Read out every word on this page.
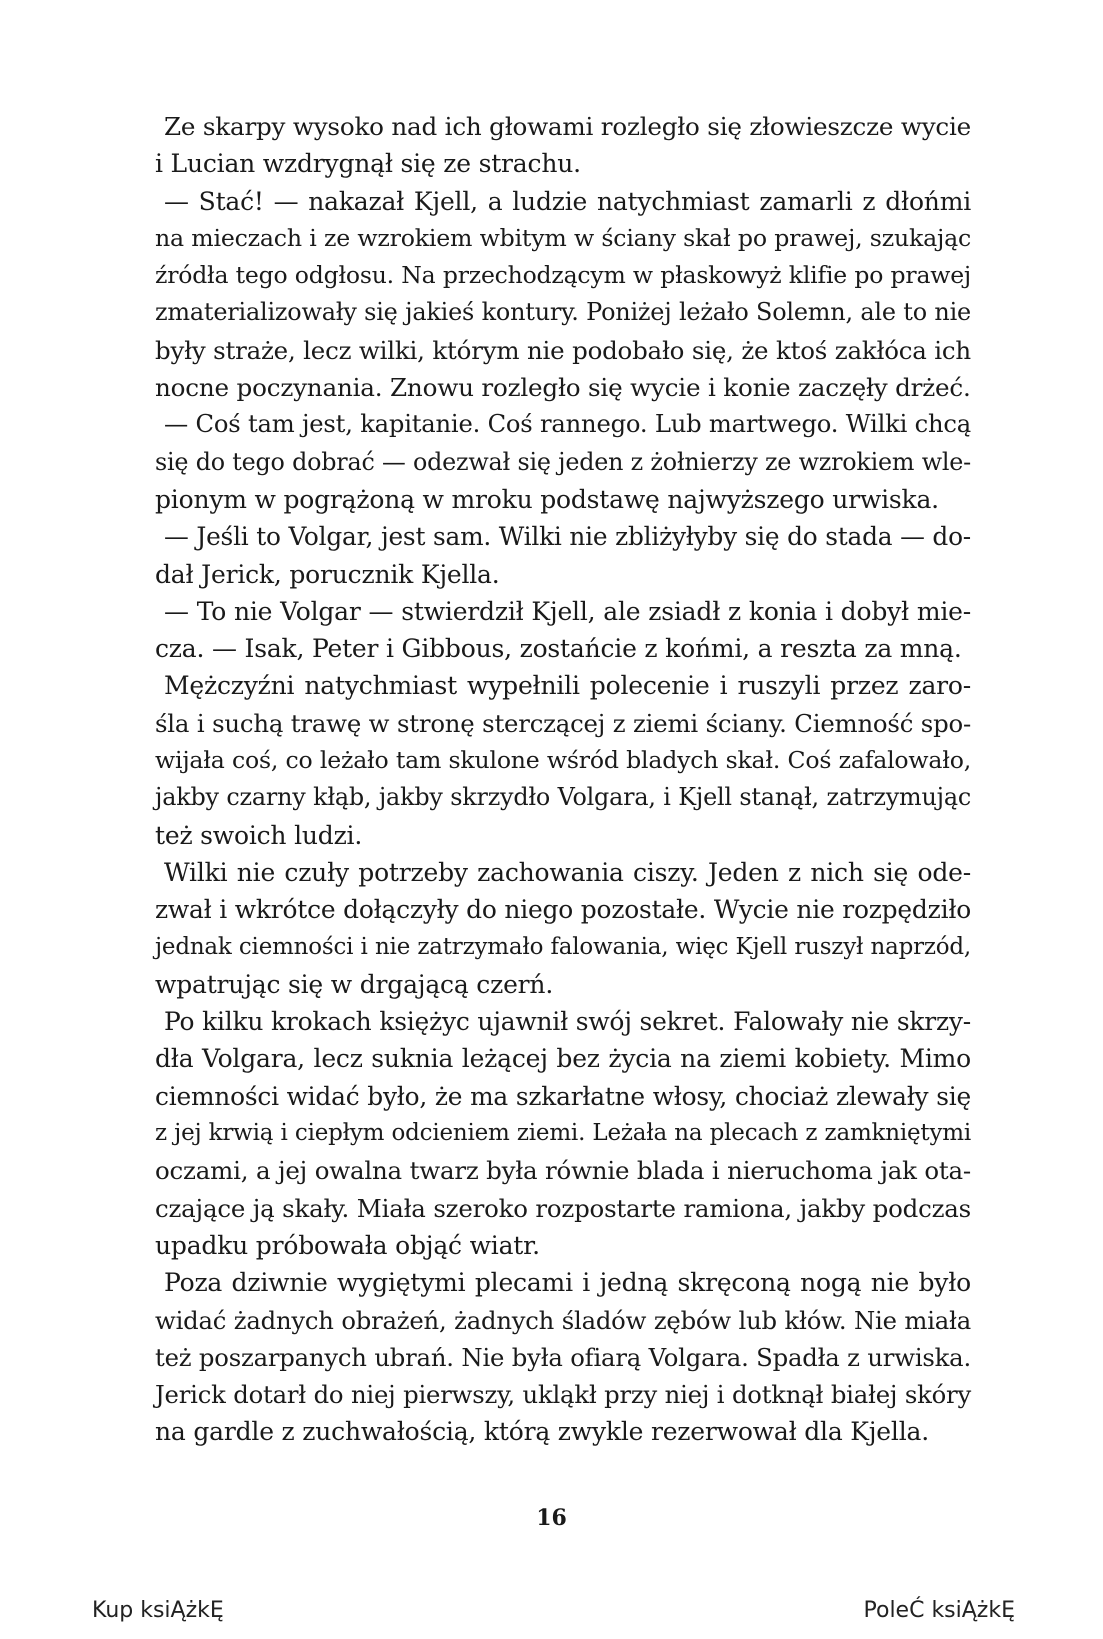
Ze skarpy wysoko nad ich głowami rozległo się złowieszcze wycie
i Lucian wzdrygnął się ze strachu.
— Stać! — nakazał Kjell, a ludzie natychmiast zamarli z dłońmi
na mieczach i ze wzrokiem wbitym w ściany skał po prawej, szukając
źródła tego odgłosu. Na przechodzącym w płaskowyż klifie po prawej
zmaterializowały się jakieś kontury. Poniżej leżało Solemn, ale to nie
były straże, lecz wilki, którym nie podobało się, że ktoś zakłóca ich
nocne poczynania. Znowu rozległo się wycie i konie zaczęły drżeć.
— Coś tam jest, kapitanie. Coś rannego. Lub martwego. Wilki chcą
się do tego dobrać — odezwał się jeden z żołnierzy ze wzrokiem wle-
pionym w pogrążoną w mroku podstawę najwyższego urwiska.
— Jeśli to Volgar, jest sam. Wilki nie zbliżyłyby się do stada — do-
dał Jerick, porucznik Kjella.
— To nie Volgar — stwierdził Kjell, ale zsiadł z konia i dobył mie-
cza. — Isak, Peter i Gibbous, zostańcie z końmi, a reszta za mną.
Mężczyźni natychmiast wypełnili polecenie i ruszyli przez zaro-
śla i suchą trawę w stronę sterczącej z ziemi ściany. Ciemność spo-
wijała coś, co leżało tam skulone wśród bladych skał. Coś zafalowało,
jakby czarny kłąb, jakby skrzydło Volgara, i Kjell stanął, zatrzymując
też swoich ludzi.
Wilki nie czuły potrzeby zachowania ciszy. Jeden z nich się ode-
zwał i wkrótce dołączyły do niego pozostałe. Wycie nie rozpędziło
jednak ciemności i nie zatrzymało falowania, więc Kjell ruszył naprzód,
wpatrując się w drgającą czerń.
Po kilku krokach księżyc ujawnił swój sekret. Falowały nie skrzy-
dła Volgara, lecz suknia leżącej bez życia na ziemi kobiety. Mimo
ciemności widać było, że ma szkarłatne włosy, chociaż zlewały się
z jej krwią i ciepłym odcieniem ziemi. Leżała na plecach z zamkniętymi
oczami, a jej owalna twarz była równie blada i nieruchoma jak ota-
czające ją skały. Miała szeroko rozpostarte ramiona, jakby podczas
upadku próbowała objąć wiatr.
Poza dziwnie wygiętymi plecami i jedną skręconą nogą nie było
widać żadnych obrażeń, żadnych śladów zębów lub kłów. Nie miała
też poszarpanych ubrań. Nie była ofiarą Volgara. Spadła z urwiska.
Jerick dotarł do niej pierwszy, ukląkł przy niej i dotknął białej skóry
na gardle z zuchwałością, którą zwykle rezerwował dla Kjella.
16
Kup ksiĄżkĘ	PoleĆ ksiĄżkĘ
